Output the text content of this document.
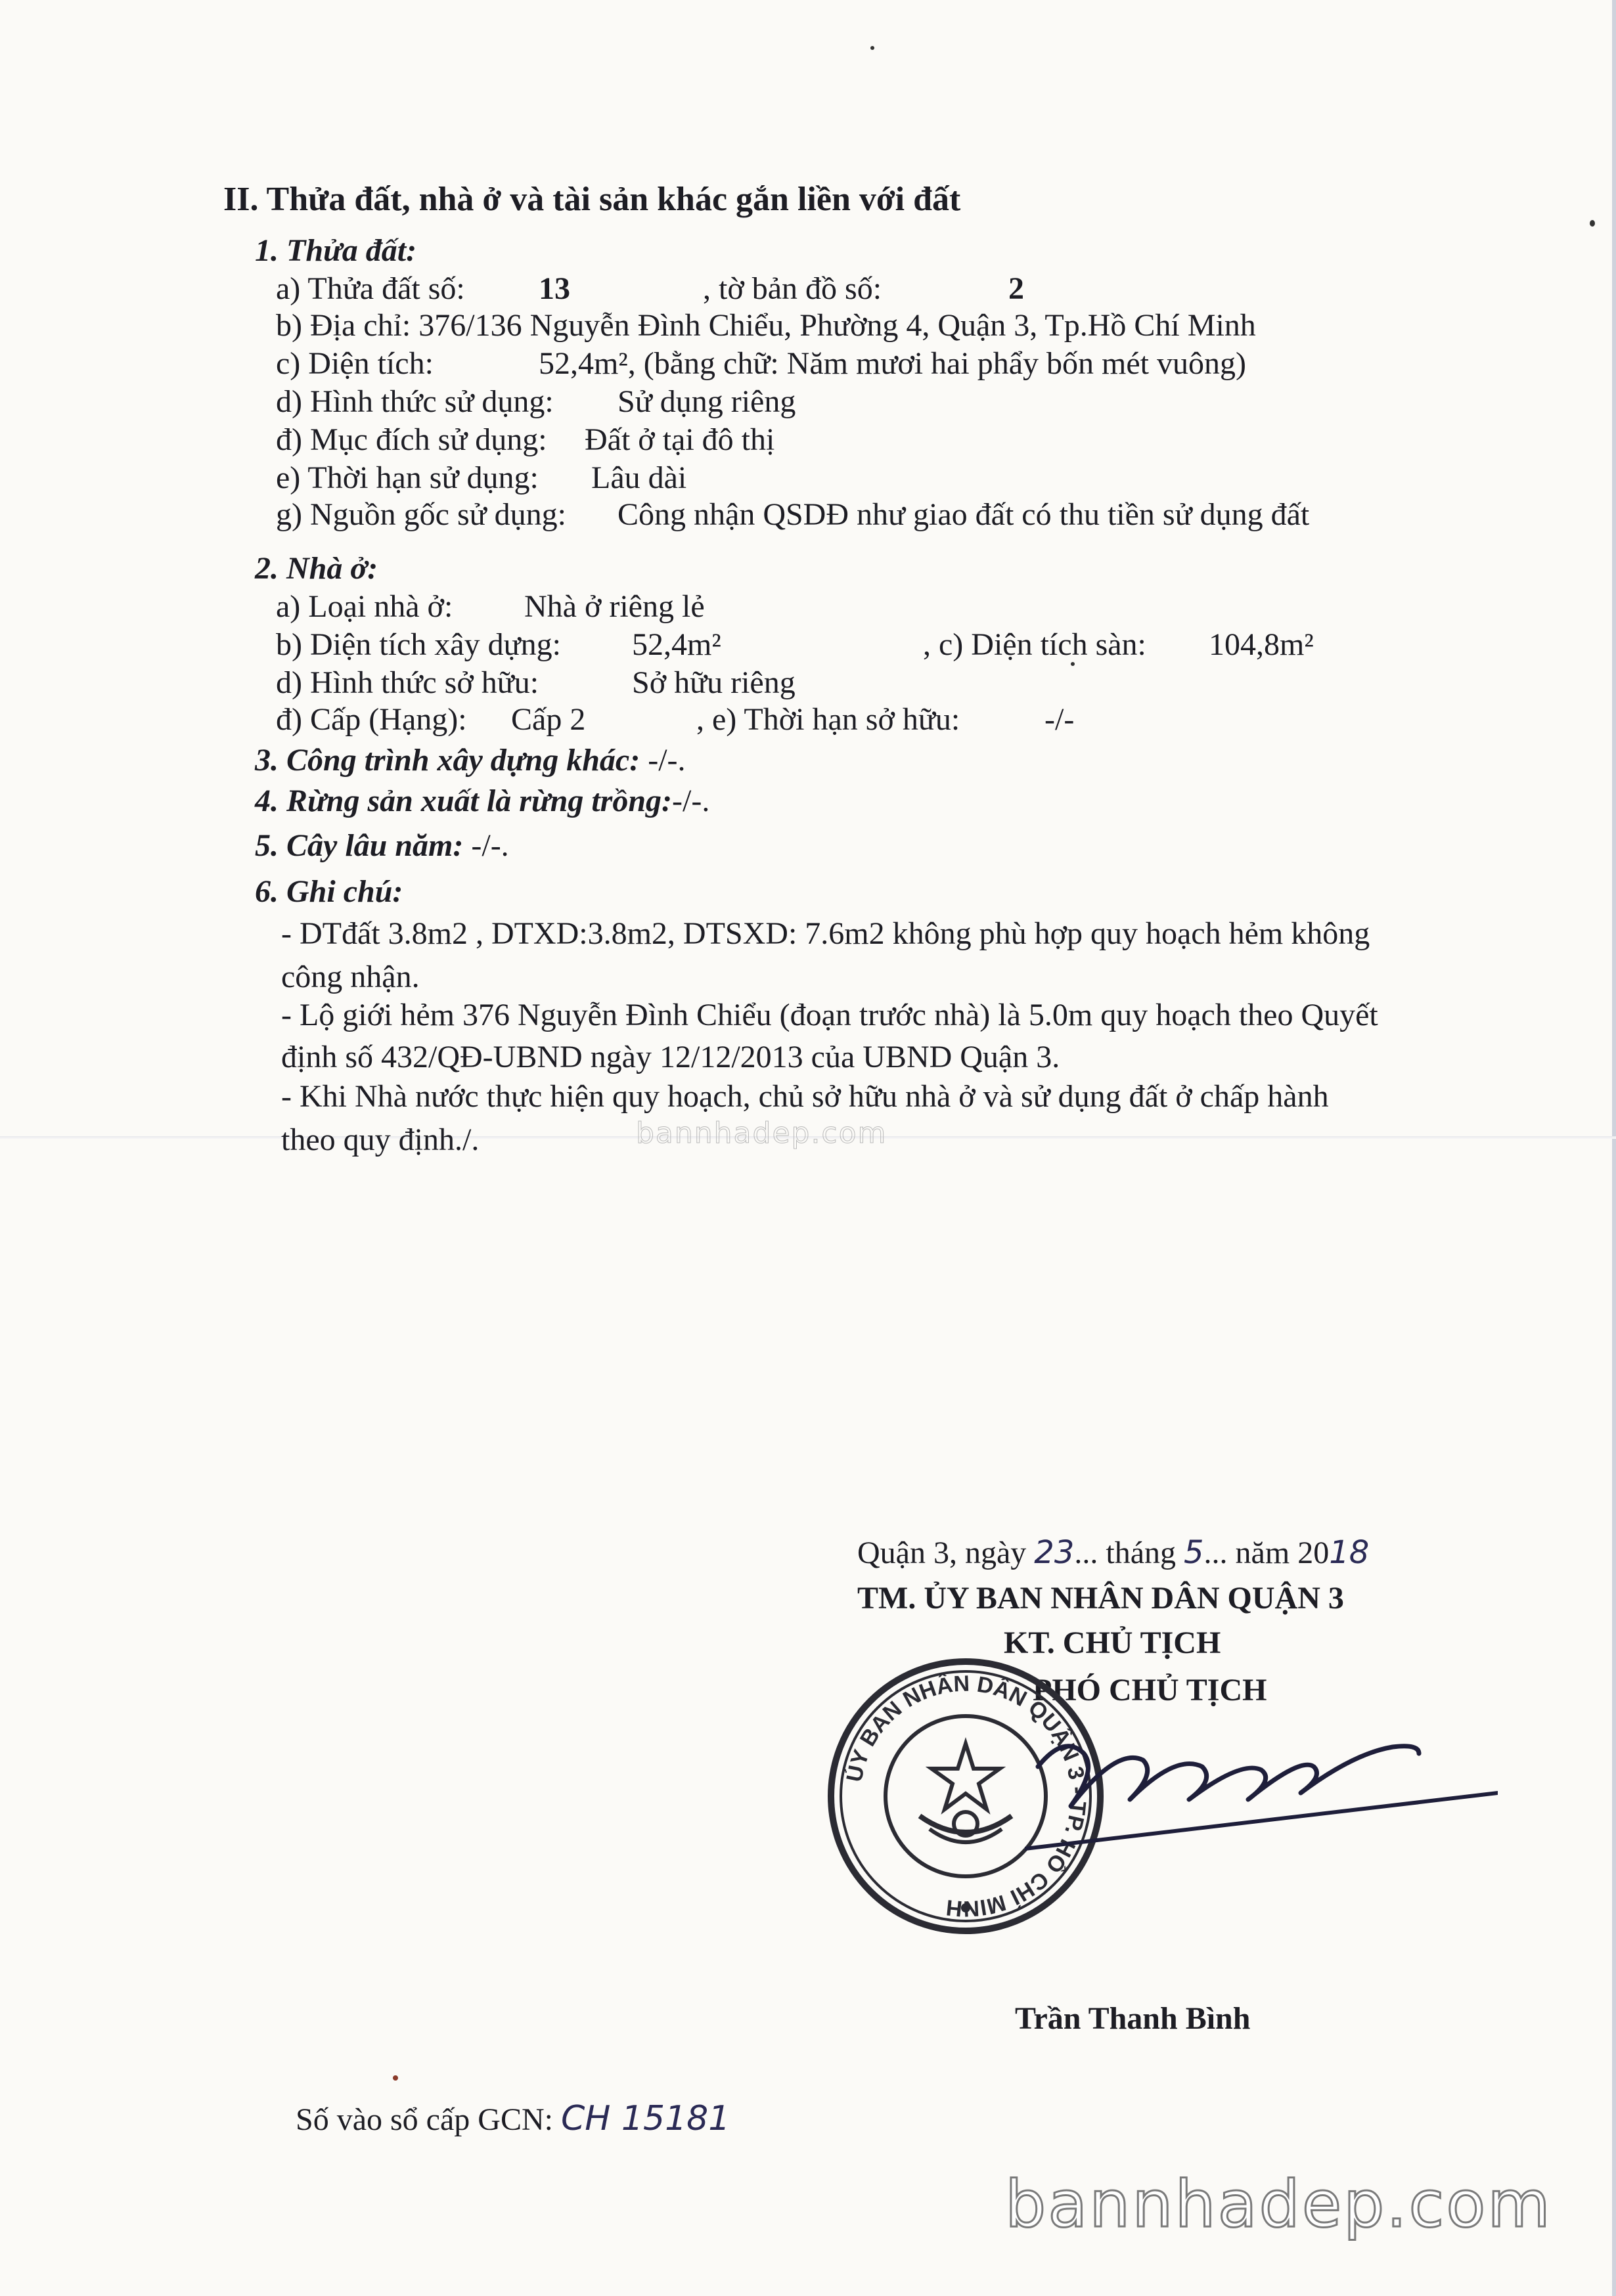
II. Thửa đất, nhà ở và tài sản khác gắn liền với đất
1. Thửa đất:
a) Thửa đất số: 13	, tờ bản đồ số:	2
b) Địa chỉ: 376/136 Nguyễn Đình Chiểu, Phường 4, Quận 3, Tp.Hồ Chí Minh
c) Diện tích:	52,4m², (bằng chữ: Năm mươi hai phẩy bốn mét vuông)
d) Hình thức sử dụng: Sử dụng riêng
đ) Mục đích sử dụng: Đất ở tại đô thị
e) Thời hạn sử dụng: Lâu dài
g) Nguồn gốc sử dụng: Công nhận QSDĐ như giao đất có thu tiền sử dụng đất
2. Nhà ở:
a) Loại nhà ở: Nhà ở riêng lẻ
b) Diện tích xây dựng: 52,4m²	, c) Diện tích sàn: 104,8m²
d) Hình thức sở hữu:	Sở hữu riêng
đ) Cấp (Hạng): Cấp 2	, e) Thời hạn sở hữu:	-/-
3. Công trình xây dựng khác: -/-.
4. Rừng sản xuất là rừng trồng:-/-.
5. Cây lâu năm: -/-.
6. Ghi chú:
- DTđất 3.8m2 , DTXD:3.8m2, DTSXD: 7.6m2 không phù hợp quy hoạch hẻm không
công nhận.
- Lộ giới hẻm 376 Nguyễn Đình Chiểu (đoạn trước nhà) là 5.0m quy hoạch theo Quyết
định số 432/QĐ-UBND ngày 12/12/2013 của UBND Quận 3.
- Khi Nhà nước thực hiện quy hoạch, chủ sở hữu nhà ở và sử dụng đất ở chấp hành
theo quy định./.	bannhadep.com
Quận 3, ngày 23... tháng 5... năm 2018
TM. ỦY BAN NHÂN DÂN QUẬN 3
KT. CHỦ TỊCH
PHÓ CHỦ TỊCH
ỦY BAN NHÂN DÂN QUẬN 3 - TP. HỒ CHÍ MINH
Trần Thanh Bình
Số vào sổ cấp GCN: CH 15181
bannhadep.com
